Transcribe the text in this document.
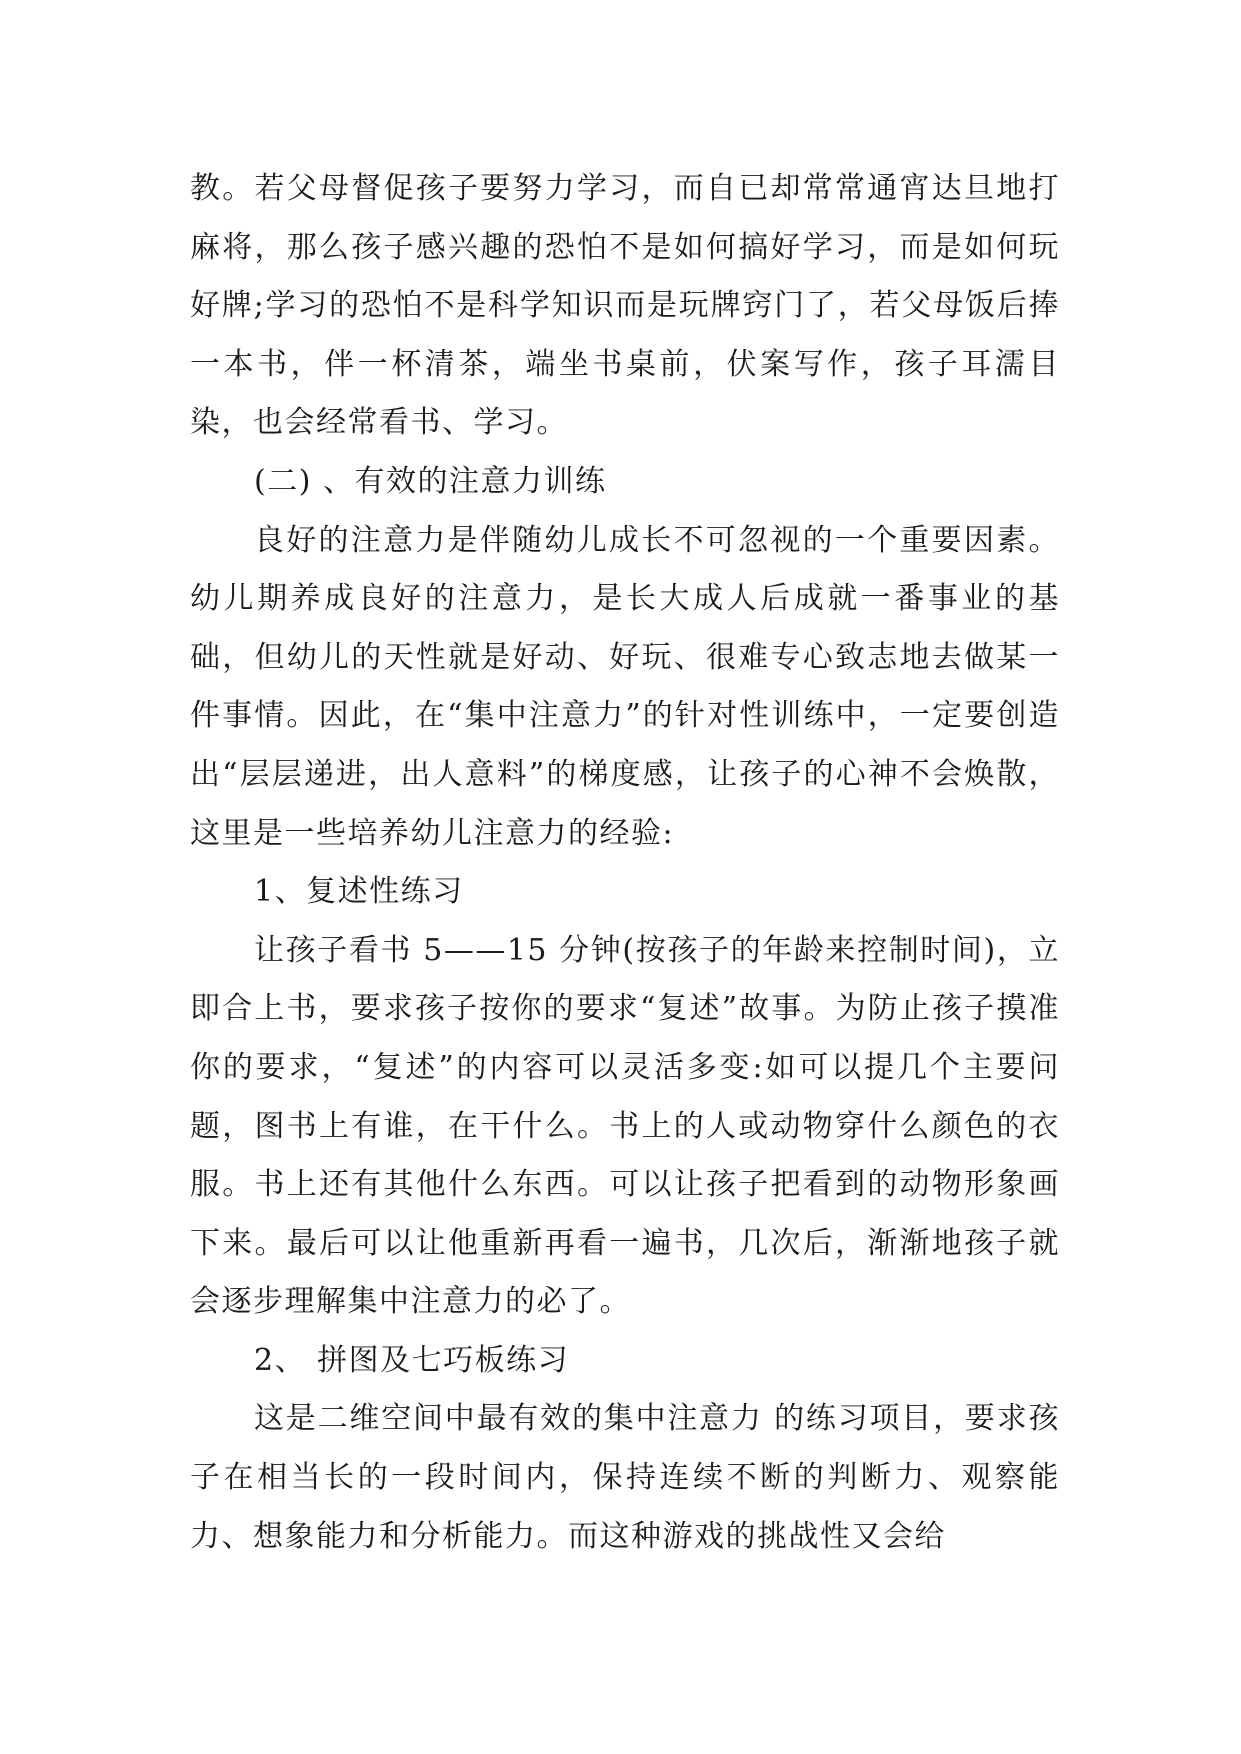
教。若父母督促孩子要努力学习，而自已却常常通宵达旦地打麻将，那么孩子感兴趣的恐怕不是如何搞好学习，而是如何玩好牌;学习的恐怕不是科学知识而是玩牌窍门了，若父母饭后捧一本书，伴一杯清茶，端坐书桌前，伏案写作，孩子耳濡目染，也会经常看书、学习。

(二) 、有效的注意力训练

良好的注意力是伴随幼儿成长不可忽视的一个重要因素。幼儿期养成良好的注意力，是长大成人后成就一番事业的基础，但幼儿的天性就是好动、好玩、很难专心致志地去做某一件事情。因此，在“集中注意力”的针对性训练中，一定要创造出“层层递进，出人意料”的梯度感，让孩子的心神不会焕散，这里是一些培养幼儿注意力的经验:

1、复述性练习

让孩子看书 5——15 分钟(按孩子的年龄来控制时间)，立即合上书，要求孩子按你的要求“复述”故事。为防止孩子摸准你的要求，“复述”的内容可以灵活多变:如可以提几个主要问题，图书上有谁，在干什么。书上的人或动物穿什么颜色的衣服。书上还有其他什么东西。可以让孩子把看到的动物形象画下来。最后可以让他重新再看一遍书，几次后，渐渐地孩子就会逐步理解集中注意力的必了。

2、 拼图及七巧板练习

这是二维空间中最有效的集中注意力 的练习项目，要求孩子在相当长的一段时间内，保持连续不断的判断力、观察能力、想象能力和分析能力。而这种游戏的挑战性又会给
